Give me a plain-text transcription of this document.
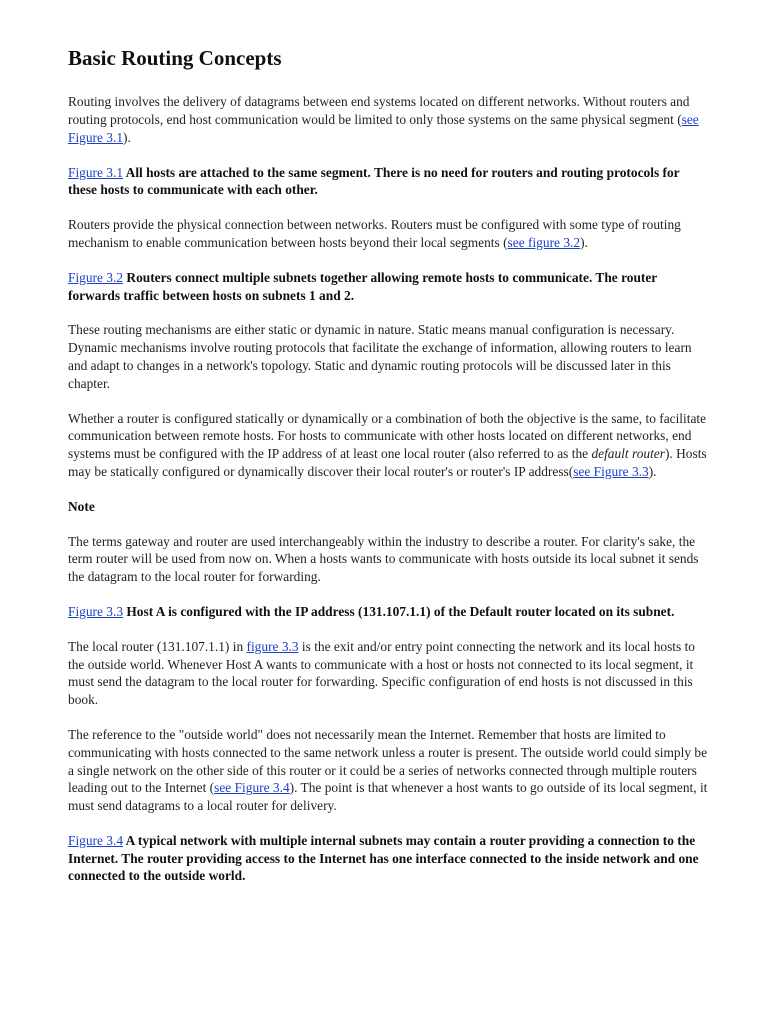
Basic Routing Concepts

Routing involves the delivery of datagrams between end systems located on different networks. Without routers and routing protocols, end host communication would be limited to only those systems on the same physical segment (see Figure 3.1).

Figure 3.1 All hosts are attached to the same segment. There is no need for routers and routing protocols for these hosts to communicate with each other.

Routers provide the physical connection between networks. Routers must be configured with some type of routing mechanism to enable communication between hosts beyond their local segments (see figure 3.2).

Figure 3.2 Routers connect multiple subnets together allowing remote hosts to communicate. The router forwards traffic between hosts on subnets 1 and 2.

These routing mechanisms are either static or dynamic in nature. Static means manual configuration is necessary. Dynamic mechanisms involve routing protocols that facilitate the exchange of information, allowing routers to learn and adapt to changes in a network's topology. Static and dynamic routing protocols will be discussed later in this chapter.

Whether a router is configured statically or dynamically or a combination of both the objective is the same, to facilitate communication between remote hosts. For hosts to communicate with other hosts located on different networks, end systems must be configured with the IP address of at least one local router (also referred to as the default router). Hosts may be statically configured or dynamically discover their local router's or router's IP address(see Figure 3.3).

Note

The terms gateway and router are used interchangeably within the industry to describe a router. For clarity's sake, the term router will be used from now on. When a hosts wants to communicate with hosts outside its local subnet it sends the datagram to the local router for forwarding.

Figure 3.3 Host A is configured with the IP address (131.107.1.1) of the Default router located on its subnet.

The local router (131.107.1.1) in figure 3.3 is the exit and/or entry point connecting the network and its local hosts to the outside world. Whenever Host A wants to communicate with a host or hosts not connected to its local segment, it must send the datagram to the local router for forwarding. Specific configuration of end hosts is not discussed in this book.

The reference to the "outside world" does not necessarily mean the Internet. Remember that hosts are limited to communicating with hosts connected to the same network unless a router is present. The outside world could simply be a single network on the other side of this router or it could be a series of networks connected through multiple routers leading out to the Internet (see Figure 3.4). The point is that whenever a host wants to go outside of its local segment, it must send datagrams to a local router for delivery.

Figure 3.4 A typical network with multiple internal subnets may contain a router providing a connection to the Internet. The router providing access to the Internet has one interface connected to the inside network and one connected to the outside world.
